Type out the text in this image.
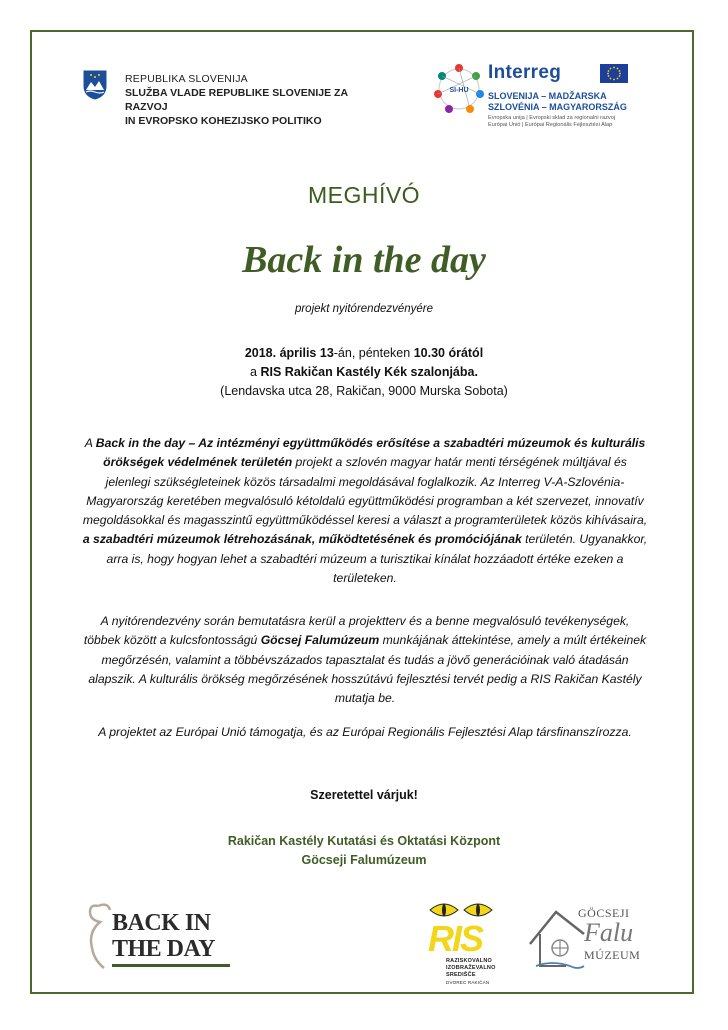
REPUBLIKA SLOVENIJA
SLUŽBA VLADE REPUBLIKE SLOVENIJE ZA RAZVOJ
IN EVROPSKO KOHEZIJSKO POLITIKO
SI-HU
Interreg
SLOVENIJA – MADŽARSKA
SZLOVÉNIA – MAGYARORSZÁG
Evropska unija | Evropski sklad za regionalni razvoj
Európai Unió | Európai Regionális Fejlesztési Alap
MEGHÍVÓ
Back in the day
projekt nyitórendezvényére
2018. április 13-án, pénteken 10.30 órától
a RIS Rakičan Kastély Kék szalonjába.
(Lendavska utca 28, Rakičan, 9000 Murska Sobota)
A Back in the day – Az intézményi együttműködés erősítése a szabadtéri múzeumok és kulturális örökségek védelmének területén projekt a szlovén magyar határ menti térségének múltjával és jelenlegi szükségleteinek közös társadalmi megoldásával foglalkozik. Az Interreg V-A-Szlovénia-Magyarország keretében megvalósuló kétoldalú együttműködési programban a két szervezet, innovatív megoldásokkal és magasszintű együttműködéssel keresi a választ a programterületek közös kihívásaira, a szabadtéri múzeumok létrehozásának, működtetésének és promóciójának területén. Ugyanakkor, arra is, hogy hogyan lehet a szabadtéri múzeum a turisztikai kínálat hozzáadott értéke ezeken a területeken.
A nyitórendezvény során bemutatásra kerül a projektterv és a benne megvalósuló tevékenységek, többek között a kulcsfontosságú Göcsej Falumúzeum munkájának áttekintése, amely a múlt értékeinek megőrzésén, valamint a többévszázados tapasztalat és tudás a jövő generációinak való átadásán alapszik. A kulturális örökség megőrzésének hosszútávú fejlesztési tervét pedig a RIS Rakičan Kastély mutatja be.
A projektet az Európai Unió támogatja, és az Európai Regionális Fejlesztési Alap társfinanszírozza.
Szeretettel várjuk!
Rakičan Kastély Kutatási és Oktatási Központ
Göcseji Falumúzeum
BACK IN
THE DAY	RIS
RAZISKOVALNO
IZOBRAŽEVALNO
SREDIŠČE
DVOREC RAKIČAN
GÖCSEJI
Falu
MÚZEUM
